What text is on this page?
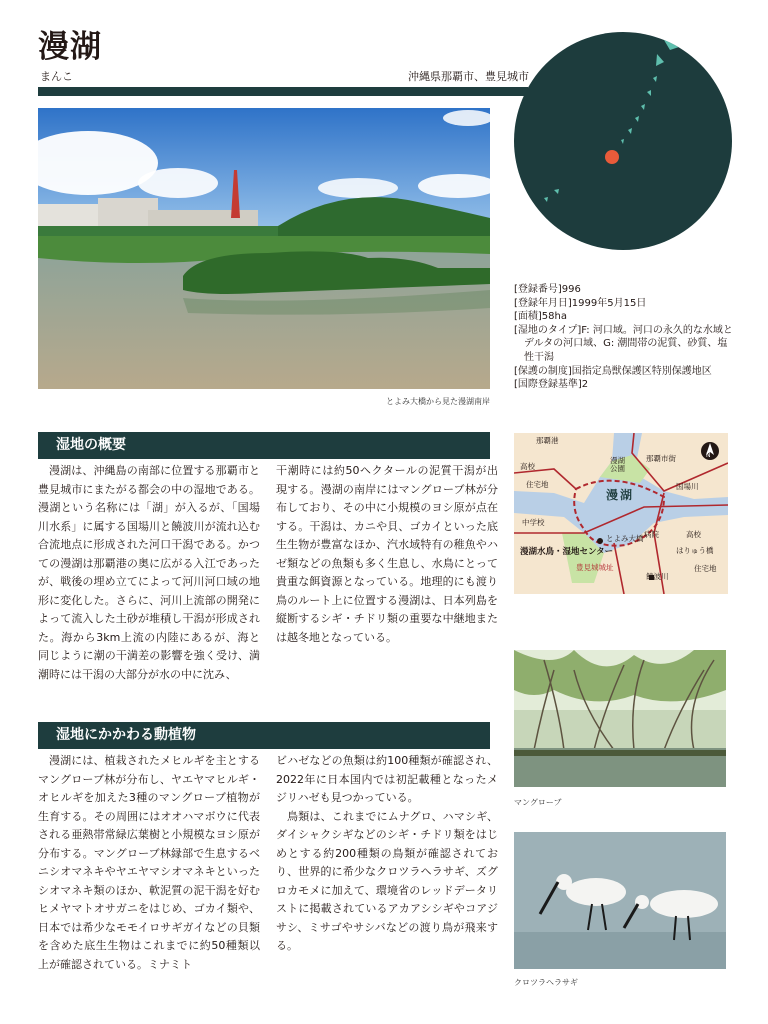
漫湖
まんこ	沖縄県那覇市、豊見城市
とよみ大橋から見た漫湖南岸
[登録番号]996
[登録年月日]1999年5月15日
[面積]58ha
[湿地のタイプ]F: 河口域。河口の永久的な水域とデルタの河口域、G: 潮間帯の泥質、砂質、塩性干潟
[保護の制度]国指定鳥獣保護区特別保護地区
[国際登録基準]2
湿地の概要

漫湖は、沖縄島の南部に位置する那覇市と豊見城市にまたがる都会の中の湿地である。漫湖という名称には「湖」が入るが、「国場川水系」に属する国場川と饒波川が流れ込む合流地点に形成された河口干潟である。かつての漫湖は那覇港の奥に広がる入江であったが、戦後の埋め立てによって河川河口域の地形に変化した。さらに、河川上流部の開発によって流入した土砂が堆積し干潟が形成された。海から3km上流の内陸にあるが、海と同じように潮の干満差の影響を強く受け、満潮時には干潟の大部分が水の中に沈み、

干潮時には約50ヘクタールの泥質干潟が出現する。漫湖の南岸にはマングローブ林が分布しており、その中に小規模のヨシ原が点在する。干潟は、カニや貝、ゴカイといった底生生物が豊富なほか、汽水域特有の稚魚やハゼ類などの魚類も多く生息し、水鳥にとって貴重な餌資源となっている。地理的にも渡り鳥のルート上に位置する漫湖は、日本列島を縦断するシギ・チドリ類の重要な中継地または越冬地となっている。

那覇港
那覇市街
高校
住宅地
漫湖公園
国場川
中学校
漫湖
とよみ大橋 病院	高校
はりゅう橋
漫湖水鳥・湿地センター
豊見城城址
饒波川
住宅地
N
湿地にかかわる動植物

漫湖には、植栽されたメヒルギを主とするマングローブ林が分布し、ヤエヤマヒルギ・オヒルギを加えた3種のマングローブ植物が生育する。その周囲にはオオハマボウに代表される亜熱帯常緑広葉樹と小規模なヨシ原が分布する。マングローブ林縁部で生息するベニシオマネキやヤエヤマシオマネキといったシオマネキ類のほか、軟泥質の泥干潟を好むヒメヤマトオサガニをはじめ、ゴカイ類や、日本では希少なモモイロサギガイなどの貝類を含めた底生生物はこれまでに約50種類以上が確認されている。ミナミト

ビハゼなどの魚類は約100種類が確認され、2022年に日本国内では初記載種となったメジリハゼも見つかっている。

鳥類は、これまでにムナグロ、ハマシギ、ダイシャクシギなどのシギ・チドリ類をはじめとする約200種類の鳥類が確認されており、世界的に希少なクロツラヘラサギ、ズグロカモメに加えて、環境省のレッドデータリストに掲載されているアカアシシギやコアジサシ、ミサゴやサシバなどの渡り鳥が飛来する。

マングローブ
クロツラヘラサギ
